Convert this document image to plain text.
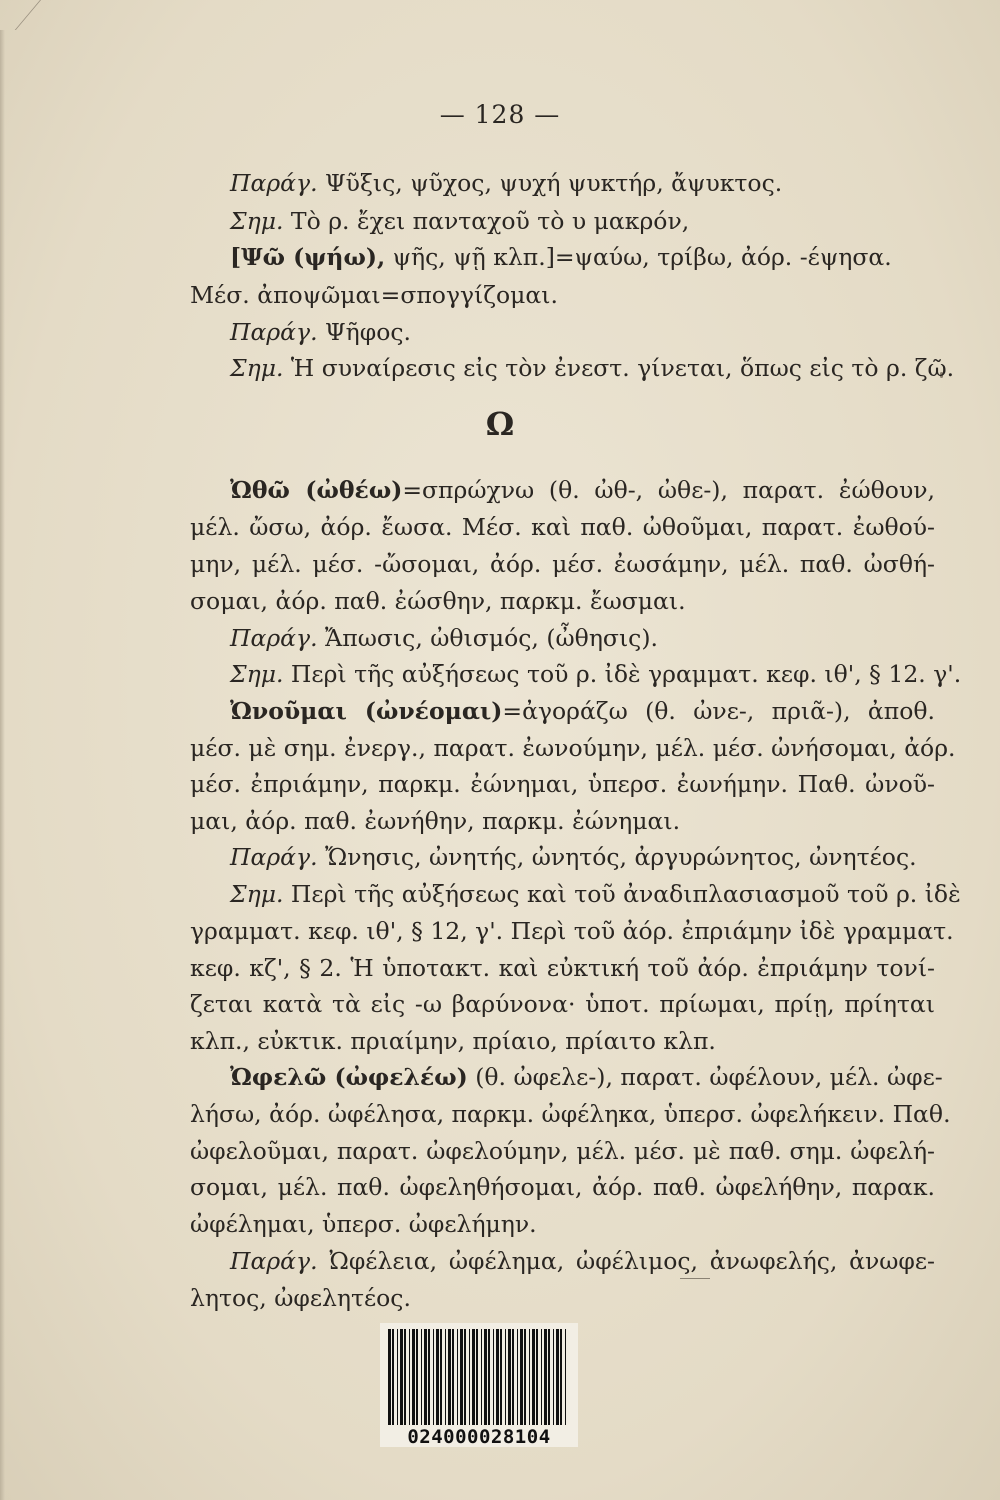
— 128 —
Παράγ. Ψῦξις, ψῦχος, ψυχή ψυκτήρ, ἄψυκτος.
Σημ. Τὸ ρ. ἔχει πανταχοῦ τὸ υ μακρόν,
[Ψῶ (ψήω), ψῆς, ψῇ κλπ.]=ψαύω, τρίβω, ἀόρ. -έψησα.
Μέσ. ἀποψῶμαι=σπογγίζομαι.
Παράγ. Ψῆφος.
Σημ. Ἡ συναίρεσις εἰς τὸν ἐνεστ. γίνεται, ὅπως εἰς τὸ ρ. ζῶ.
Ὠθῶ (ὠθέω)=σπρώχνω (θ. ὠθ-, ὠθε-), παρατ. ἐώθουν,
μέλ. ὤσω, ἀόρ. ἔωσα. Μέσ. καὶ παθ. ὠθοῦμαι, παρατ. ἐωθού-
μην, μέλ. μέσ. -ὤσομαι, ἀόρ. μέσ. ἐωσάμην, μέλ. παθ. ὠσθή-
σομαι, ἀόρ. παθ. ἐώσθην, παρκμ. ἔωσμαι.
Παράγ. Ἄπωσις, ὠθισμός, (ὦθησις).
Σημ. Περὶ τῆς αὐξήσεως τοῦ ρ. ἰδὲ γραμματ. κεφ. ιθ', § 12. γ'.
Ὠνοῦμαι (ὠνέομαι)=ἀγοράζω (θ. ὠνε-, πριᾶ-), ἀποθ.
μέσ. μὲ σημ. ἐνεργ., παρατ. ἐωνούμην, μέλ. μέσ. ὠνήσομαι, ἀόρ.
μέσ. ἐπριάμην, παρκμ. ἐώνημαι, ὑπερσ. ἐωνήμην. Παθ. ὠνοῦ-
μαι, ἀόρ. παθ. ἐωνήθην, παρκμ. ἐώνημαι.
Παράγ. Ὤνησις, ὠνητής, ὠνητός, ἀργυρώνητος, ὠνητέος.
Σημ. Περὶ τῆς αὐξήσεως καὶ τοῦ ἀναδιπλασιασμοῦ τοῦ ρ. ἰδὲ
γραμματ. κεφ. ιθ', § 12, γ'. Περὶ τοῦ ἀόρ. ἐπριάμην ἰδὲ γραμματ.
κεφ. κζ', § 2. Ἡ ὑποτακτ. καὶ εὐκτική τοῦ ἀόρ. ἐπριάμην τονί-
ζεται κατὰ τὰ εἰς -ω βαρύνονα· ὑποτ. πρίωμαι, πρίῃ, πρίηται
κλπ., εὐκτικ. πριαίμην, πρίαιο, πρίαιτο κλπ.
Ὠφελῶ (ὠφελέω) (θ. ὠφελε-), παρατ. ὠφέλουν, μέλ. ὠφε-
λήσω, ἀόρ. ὠφέλησα, παρκμ. ὠφέληκα, ὑπερσ. ὠφελήκειν. Παθ.
ὠφελοῦμαι, παρατ. ὠφελούμην, μέλ. μέσ. μὲ παθ. σημ. ὠφελή-
σομαι, μέλ. παθ. ὠφεληθήσομαι, ἀόρ. παθ. ὠφελήθην, παρακ.
ὠφέλημαι, ὑπερσ. ὠφελήμην.
Παράγ. Ὠφέλεια, ὠφέλημα, ὠφέλιμος, ἀνωφελής, ἀνωφε-
λητος, ὠφελητέος.
Ω
024000028104
